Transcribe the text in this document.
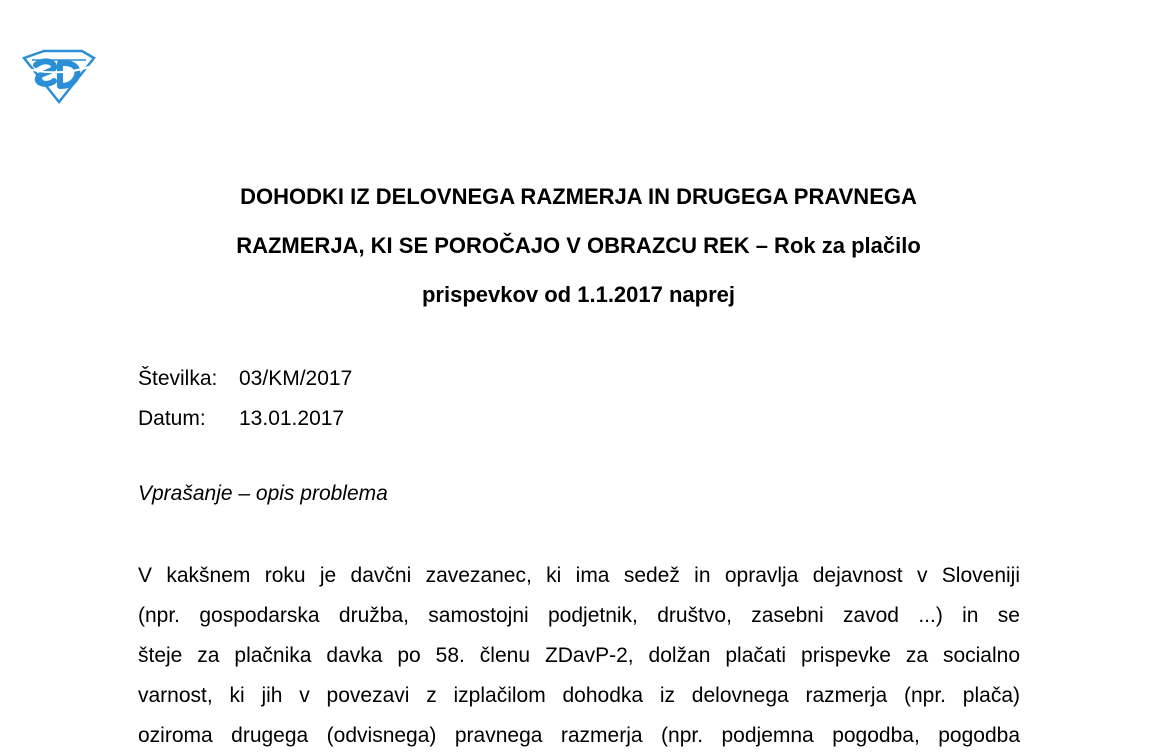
DOHODKI IZ DELOVNEGA RAZMERJA IN DRUGEGA PRAVNEGA
RAZMERJA, KI SE POROČAJO V OBRAZCU REK – Rok za plačilo
prispevkov od 1.1.2017 naprej
Številka:	03/KM/2017
Datum:	13.01.2017
Vprašanje – opis problema
V kakšnem roku je davčni zavezanec, ki ima sedež in opravlja dejavnost v Sloveniji
(npr. gospodarska družba, samostojni podjetnik, društvo, zasebni zavod ...) in se
šteje za plačnika davka po 58. členu ZDavP-2, dolžan plačati prispevke za socialno
varnost, ki jih v povezavi z izplačilom dohodka iz delovnega razmerja (npr. plača)
oziroma drugega (odvisnega) pravnega razmerja (npr. podjemna pogodba, pogodba
